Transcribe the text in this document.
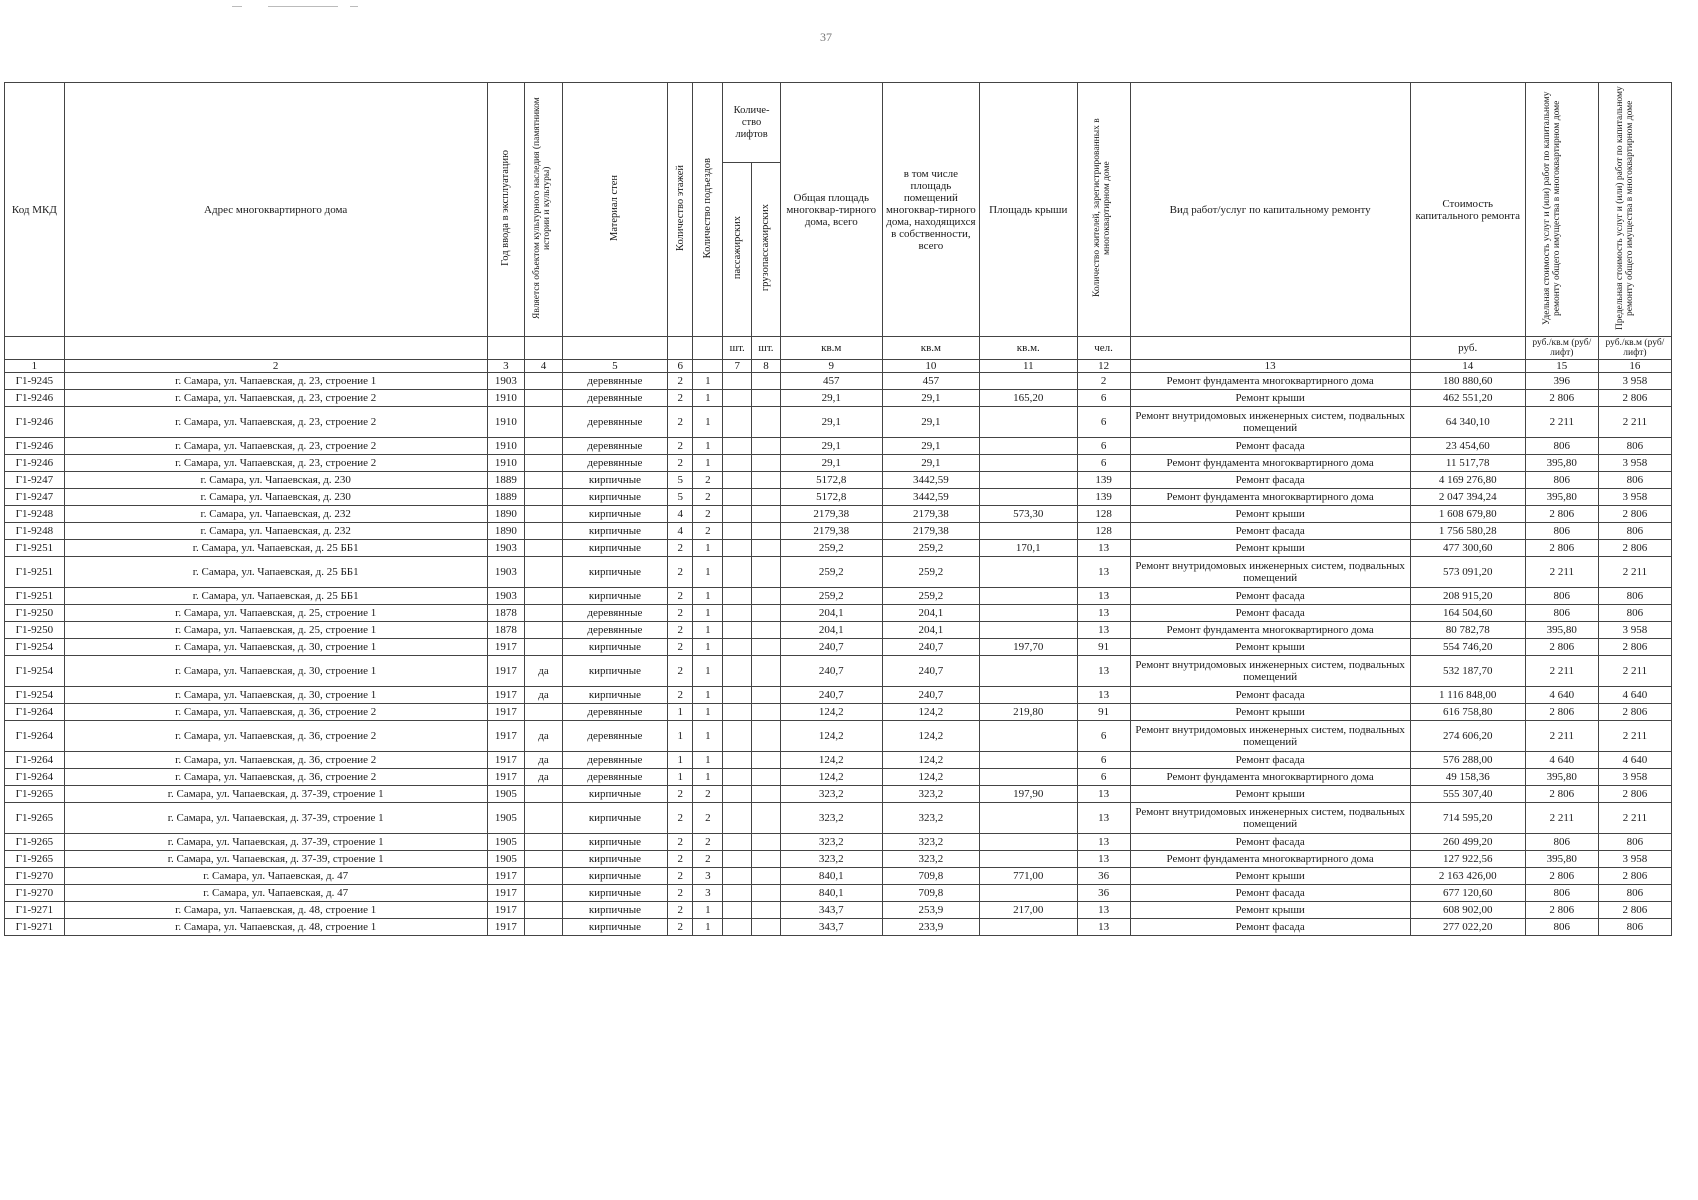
37
Код МКД	Адрес многоквартирного дома	Год ввода в эксплуатацию	Является объектом культурного наследия (памятником истории и культуры)	Материал стен	Количество этажей	Количество подъездов	Количе-ство лифтов		Общая площадь многоквар-тирного дома, всего	в том числе площадь помещений многоквар-тирного дома, находящихся в собственности, всего	Площадь крыши	Количество жителей, зарегистрированных в многоквартирном доме	Вид работ/услуг по капитальному ремонту	Стоимость капитального ремонта	Удельная стоимость услуг и (или) работ по капитальному ремонту общего имущества в многоквартирном доме	Предельная стоимость услуг и (или) работ по капитальному ремонту общего имущества в многоквартирном доме
							пассажирских	грузопассажирских								
							шт.	шт.	кв.м	кв.м	кв.м.	чел.		руб.	руб./кв.м (руб/лифт)	руб./кв.м (руб/лифт)
1	2	3	4	5	6		7	8	9	10	11	12	13	14	15	16
Г1-9245	г. Самара, ул. Чапаевская, д. 23, строение 1	1903		деревянные	2	1			457	457		2	Ремонт фундамента многоквартирного дома	180 880,60	396	3 958
Г1-9246	г. Самара, ул. Чапаевская, д. 23, строение 2	1910		деревянные	2	1			29,1	29,1	165,20	6	Ремонт крыши	462 551,20	2 806	2 806
Г1-9246	г. Самара, ул. Чапаевская, д. 23, строение 2	1910		деревянные	2	1			29,1	29,1		6	Ремонт внутридомовых инженерных систем, подвальных помещений	64 340,10	2 211	2 211
Г1-9246	г. Самара, ул. Чапаевская, д. 23, строение 2	1910		деревянные	2	1			29,1	29,1		6	Ремонт фасада	23 454,60	806	806
Г1-9246	г. Самара, ул. Чапаевская, д. 23, строение 2	1910		деревянные	2	1			29,1	29,1		6	Ремонт фундамента многоквартирного дома	11 517,78	395,80	3 958
Г1-9247	г. Самара, ул. Чапаевская, д. 230	1889		кирпичные	5	2			5172,8	3442,59		139	Ремонт фасада	4 169 276,80	806	806
Г1-9247	г. Самара, ул. Чапаевская, д. 230	1889		кирпичные	5	2			5172,8	3442,59		139	Ремонт фундамента многоквартирного дома	2 047 394,24	395,80	3 958
Г1-9248	г. Самара, ул. Чапаевская, д. 232	1890		кирпичные	4	2			2179,38	2179,38	573,30	128	Ремонт крыши	1 608 679,80	2 806	2 806
Г1-9248	г. Самара, ул. Чапаевская, д. 232	1890		кирпичные	4	2			2179,38	2179,38		128	Ремонт фасада	1 756 580,28	806	806
Г1-9251	г. Самара, ул. Чапаевская, д. 25 ББ1	1903		кирпичные	2	1			259,2	259,2	170,1	13	Ремонт крыши	477 300,60	2 806	2 806
Г1-9251	г. Самара, ул. Чапаевская, д. 25 ББ1	1903		кирпичные	2	1			259,2	259,2		13	Ремонт внутридомовых инженерных систем, подвальных помещений	573 091,20	2 211	2 211
Г1-9251	г. Самара, ул. Чапаевская, д. 25 ББ1	1903		кирпичные	2	1			259,2	259,2		13	Ремонт фасада	208 915,20	806	806
Г1-9250	г. Самара, ул. Чапаевская, д. 25, строение 1	1878		деревянные	2	1			204,1	204,1		13	Ремонт фасада	164 504,60	806	806
Г1-9250	г. Самара, ул. Чапаевская, д. 25, строение 1	1878		деревянные	2	1			204,1	204,1		13	Ремонт фундамента многоквартирного дома	80 782,78	395,80	3 958
Г1-9254	г. Самара, ул. Чапаевская, д. 30, строение 1	1917		кирпичные	2	1			240,7	240,7	197,70	91	Ремонт крыши	554 746,20	2 806	2 806
Г1-9254	г. Самара, ул. Чапаевская, д. 30, строение 1	1917	да	кирпичные	2	1			240,7	240,7		13	Ремонт внутридомовых инженерных систем, подвальных помещений	532 187,70	2 211	2 211
Г1-9254	г. Самара, ул. Чапаевская, д. 30, строение 1	1917	да	кирпичные	2	1			240,7	240,7		13	Ремонт фасада	1 116 848,00	4 640	4 640
Г1-9264	г. Самара, ул. Чапаевская, д. 36, строение 2	1917		деревянные	1	1			124,2	124,2	219,80	91	Ремонт крыши	616 758,80	2 806	2 806
Г1-9264	г. Самара, ул. Чапаевская, д. 36, строение 2	1917	да	деревянные	1	1			124,2	124,2		6	Ремонт внутридомовых инженерных систем, подвальных помещений	274 606,20	2 211	2 211
Г1-9264	г. Самара, ул. Чапаевская, д. 36, строение 2	1917	да	деревянные	1	1			124,2	124,2		6	Ремонт фасада	576 288,00	4 640	4 640
Г1-9264	г. Самара, ул. Чапаевская, д. 36, строение 2	1917	да	деревянные	1	1			124,2	124,2		6	Ремонт фундамента многоквартирного дома	49 158,36	395,80	3 958
Г1-9265	г. Самара, ул. Чапаевская, д. 37-39, строение 1	1905		кирпичные	2	2			323,2	323,2	197,90	13	Ремонт крыши	555 307,40	2 806	2 806
Г1-9265	г. Самара, ул. Чапаевская, д. 37-39, строение 1	1905		кирпичные	2	2			323,2	323,2		13	Ремонт внутридомовых инженерных систем, подвальных помещений	714 595,20	2 211	2 211
Г1-9265	г. Самара, ул. Чапаевская, д. 37-39, строение 1	1905		кирпичные	2	2			323,2	323,2		13	Ремонт фасада	260 499,20	806	806
Г1-9265	г. Самара, ул. Чапаевская, д. 37-39, строение 1	1905		кирпичные	2	2			323,2	323,2		13	Ремонт фундамента многоквартирного дома	127 922,56	395,80	3 958
Г1-9270	г. Самара, ул. Чапаевская, д. 47	1917		кирпичные	2	3			840,1	709,8	771,00	36	Ремонт крыши	2 163 426,00	2 806	2 806
Г1-9270	г. Самара, ул. Чапаевская, д. 47	1917		кирпичные	2	3			840,1	709,8		36	Ремонт фасада	677 120,60	806	806
Г1-9271	г. Самара, ул. Чапаевская, д. 48, строение 1	1917		кирпичные	2	1			343,7	253,9	217,00	13	Ремонт крыши	608 902,00	2 806	2 806
Г1-9271	г. Самара, ул. Чапаевская, д. 48, строение 1	1917		кирпичные	2	1			343,7	233,9		13	Ремонт фасада	277 022,20	806	806
